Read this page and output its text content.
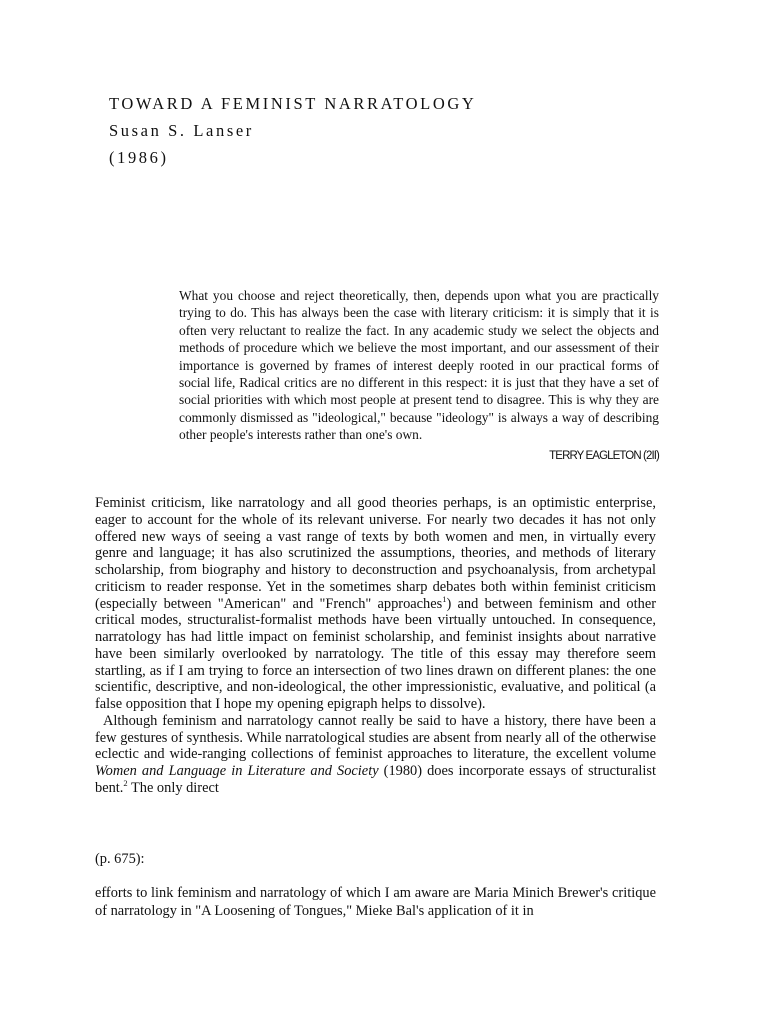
TOWARD A FEMINIST NARRATOLOGY
Susan S. Lanser
(1986)

What you choose and reject theoretically, then, depends upon what you are practically trying to do. This has always been the case with literary criticism: it is simply that it is often very reluctant to realize the fact. In any academic study we select the objects and methods of procedure which we believe the most important, and our assessment of their importance is governed by frames of interest deeply rooted in our practical forms of social life, Radical critics are no different in this respect: it is just that they have a set of social priorities with which most people at present tend to disagree. This is why they are commonly dismissed as "ideological," because "ideology" is always a way of describing other people's interests rather than one's own.

TERRY EAGLETON (2II)

Feminist criticism, like narratology and all good theories perhaps, is an optimistic enterprise, eager to account for the whole of its relevant universe. For nearly two decades it has not only offered new ways of seeing a vast range of texts by both women and men, in virtually every genre and language; it has also scrutinized the assumptions, theories, and methods of literary scholarship, from biography and history to deconstruction and psychoanalysis, from archetypal criticism to reader response. Yet in the sometimes sharp debates both within feminist criticism (especially between "American" and "French" approaches$^1$) and between feminism and other critical modes, structuralist-formalist methods have been virtually untouched. In consequence, narratology has had little impact on feminist scholarship, and feminist insights about narrative have been similarly overlooked by narratology. The title of this essay may therefore seem startling, as if I am trying to force an intersection of two lines drawn on different planes: the one scientific, descriptive, and non-ideological, the other impressionistic, evaluative, and political (a false opposition that I hope my opening epigraph helps to dissolve).

Although feminism and narratology cannot really be said to have a history, there have been a few gestures of synthesis. While narratological studies are absent from nearly all of the otherwise eclectic and wide-ranging collections of feminist approaches to literature, the excellent volume Women and Language in Literature and Society (1980) does incorporate essays of structuralist bent.$^2$ The only direct

(p. 675):

efforts to link feminism and narratology of which I am aware are Maria Minich Brewer's critique of narratology in "A Loosening of Tongues," Mieke Bal's application of it in
